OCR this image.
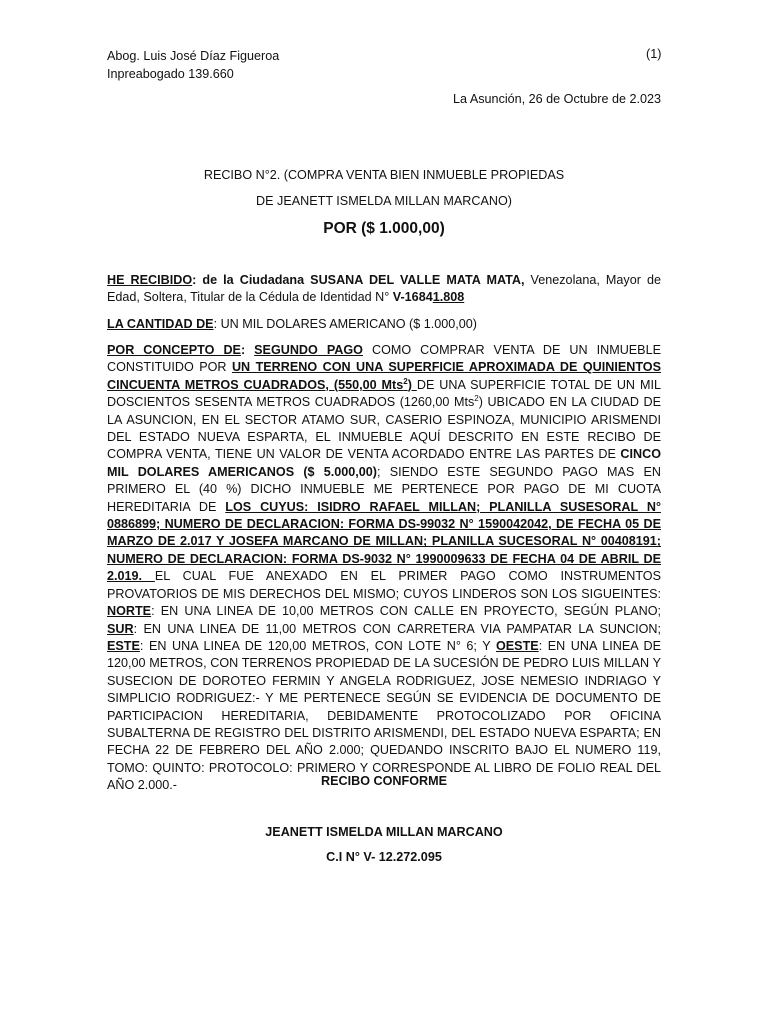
Abog. Luis José Díaz Figueroa
Inpreabogado 139.660
(1)
La Asunción, 26 de Octubre de 2.023
RECIBO N°2. (COMPRA VENTA BIEN INMUEBLE PROPIEDAS
DE JEANETT ISMELDA MILLAN MARCANO)
POR ($ 1.000,00)
HE RECIBIDO: de la Ciudadana SUSANA DEL VALLE MATA MATA, Venezolana, Mayor de Edad, Soltera, Titular de la Cédula de Identidad N° V-16841.808
LA CANTIDAD DE: UN MIL DOLARES AMERICANO ($ 1.000,00)
POR CONCEPTO DE: SEGUNDO PAGO COMO COMPRAR VENTA DE UN INMUEBLE CONSTITUIDO POR UN TERRENO CON UNA SUPERFICIE APROXIMADA DE QUINIENTOS CINCUENTA METROS CUADRADOS, (550,00 Mts$^2$) DE UNA SUPERFICIE TOTAL DE UN MIL DOSCIENTOS SESENTA METROS CUADRADOS (1260,00 Mts$^2$) UBICADO EN LA CIUDAD DE LA ASUNCION, EN EL SECTOR ATAMO SUR, CASERIO ESPINOZA, MUNICIPIO ARISMENDI DEL ESTADO NUEVA ESPARTA, EL INMUEBLE AQUÍ DESCRITO EN ESTE RECIBO DE COMPRA VENTA, TIENE UN VALOR DE VENTA ACORDADO ENTRE LAS PARTES DE CINCO MIL DOLARES AMERICANOS ($ 5.000,00); SIENDO ESTE SEGUNDO PAGO MAS EN PRIMERO EL (40 %) DICHO INMUEBLE ME PERTENECE POR PAGO DE MI CUOTA HEREDITARIA DE LOS CUYUS: ISIDRO RAFAEL MILLAN; PLANILLA SUSESORAL N° 0886899; NUMERO DE DECLARACION: FORMA DS-99032 N° 1590042042, DE FECHA 05 DE MARZO DE 2.017 Y JOSEFA MARCANO DE MILLAN; PLANILLA SUCESORAL N° 00408191; NUMERO DE DECLARACION: FORMA DS-9032 N° 1990009633 DE FECHA 04 DE ABRIL DE 2.019. EL CUAL FUE ANEXADO EN EL PRIMER PAGO COMO INSTRUMENTOS PROVATORIOS DE MIS DERECHOS DEL MISMO; CUYOS LINDEROS SON LOS SIGUEINTES: NORTE: EN UNA LINEA DE 10,00 METROS CON CALLE EN PROYECTO, SEGÚN PLANO; SUR: EN UNA LINEA DE 11,00 METROS CON CARRETERA VIA PAMPATAR LA SUNCION; ESTE: EN UNA LINEA DE 120,00 METROS, CON LOTE N° 6; Y OESTE: EN UNA LINEA DE 120,00 METROS, CON TERRENOS PROPIEDAD DE LA SUCESIÓN DE PEDRO LUIS MILLAN Y SUSECION DE DOROTEO FERMIN Y ANGELA RODRIGUEZ, JOSE NEMESIO INDRIAGO Y SIMPLICIO RODRIGUEZ:- Y ME PERTENECE SEGÚN SE EVIDENCIA DE DOCUMENTO DE PARTICIPACION HEREDITARIA, DEBIDAMENTE PROTOCOLIZADO POR OFICINA SUBALTERNA DE REGISTRO DEL DISTRITO ARISMENDI, DEL ESTADO NUEVA ESPARTA; EN FECHA 22 DE FEBRERO DEL AÑO 2.000; QUEDANDO INSCRITO BAJO EL NUMERO 119, TOMO: QUINTO: PROTOCOLO: PRIMERO Y CORRESPONDE AL LIBRO DE FOLIO REAL DEL AÑO 2.000.-	RECIBO CONFORME
JEANETT ISMELDA MILLAN MARCANO
C.I N° V- 12.272.095
